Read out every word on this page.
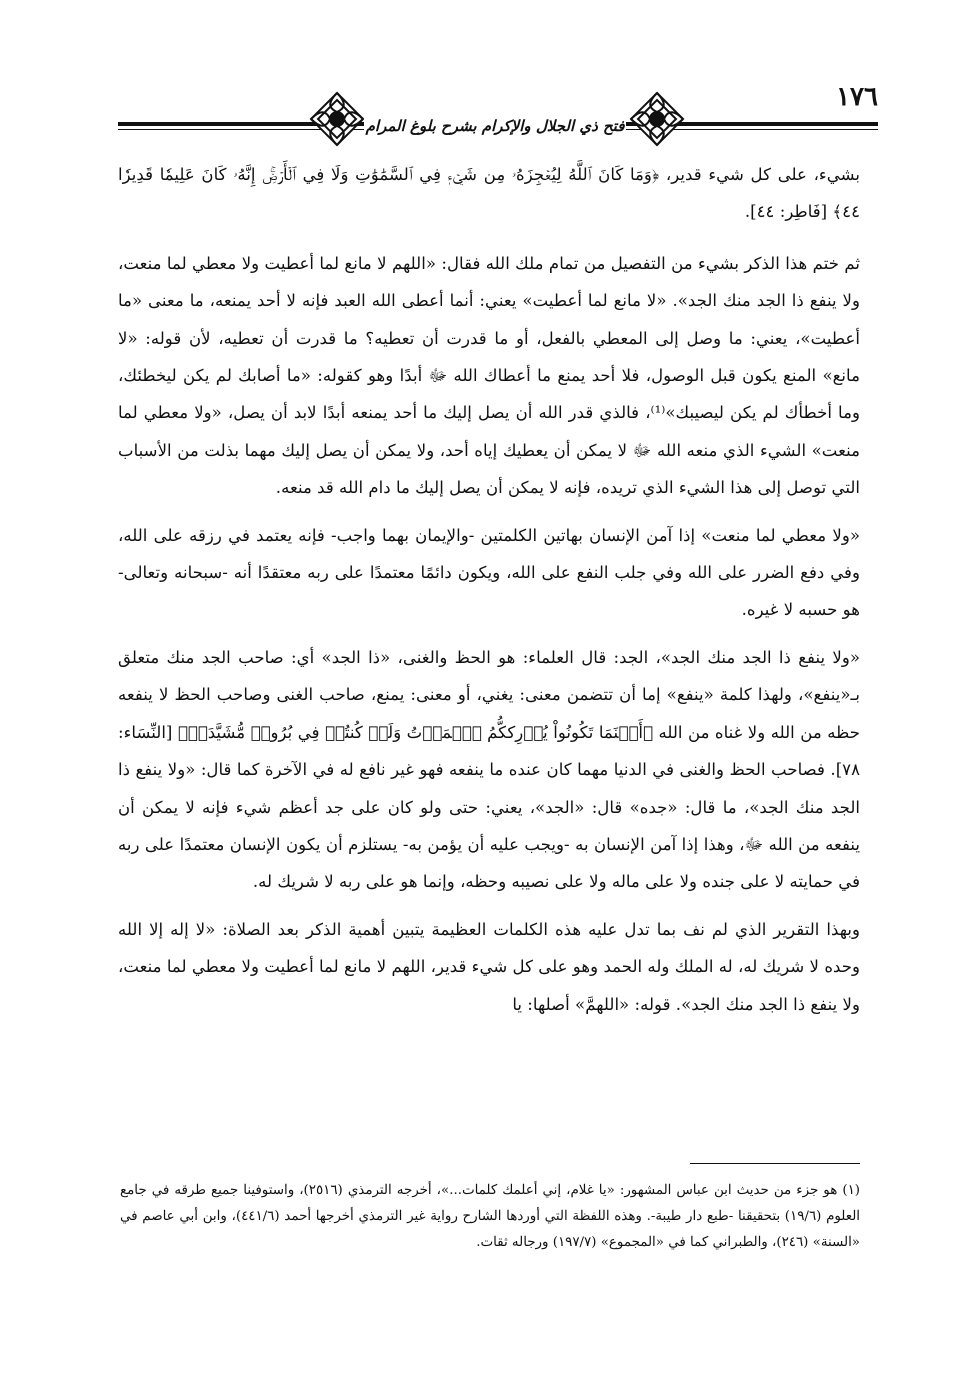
١٧٦
فتح ذي الجلال والإكرام بشرح بلوغ المرام

بشيء، على كل شيء قدير، ﴿وَمَا كَانَ ٱللَّهُ لِيُعۡجِزَهُۥ مِن شَيۡءٖ فِي ٱلسَّمَٰوَٰتِ وَلَا فِي ٱلۡأَرۡضِۚ إِنَّهُۥ كَانَ عَلِيمٗا قَدِيرٗا ٤٤﴾ [فَاطِر: ٤٤].

ثم ختم هذا الذكر بشيء من التفصيل من تمام ملك الله فقال: «اللهم لا مانع لما أعطيت ولا معطي لما منعت، ولا ينفع ذا الجد منك الجد». «لا مانع لما أعطيت» يعني: أنما أعطى الله العبد فإنه لا أحد يمنعه، ما معنى «ما أعطيت»، يعني: ما وصل إلى المعطي بالفعل، أو ما قدرت أن تعطيه؟ ما قدرت أن تعطيه، لأن قوله: «لا مانع» المنع يكون قبل الوصول، فلا أحد يمنع ما أعطاك الله ﷻ أبدًا وهو كقوله: «ما أصابك لم يكن ليخطئك، وما أخطأك لم يكن ليصيبك»⁽¹⁾، فالذي قدر الله أن يصل إليك ما أحد يمنعه أبدًا لابد أن يصل، «ولا معطي لما منعت» الشيء الذي منعه الله ﷻ لا يمكن أن يعطيك إياه أحد، ولا يمكن أن يصل إليك مهما بذلت من الأسباب التي توصل إلى هذا الشيء الذي تريده، فإنه لا يمكن أن يصل إليك ما دام الله قد منعه.

«ولا معطي لما منعت» إذا آمن الإنسان بهاتين الكلمتين -والإيمان بهما واجب- فإنه يعتمد في رزقه على الله، وفي دفع الضرر على الله وفي جلب النفع على الله، ويكون دائمًا معتمدًا على ربه معتقدًا أنه -سبحانه وتعالى- هو حسبه لا غيره.

«ولا ينفع ذا الجد منك الجد»، الجد: قال العلماء: هو الحظ والغنى، «ذا الجد» أي: صاحب الجد منك متعلق بـ«ينفع»، ولهذا كلمة «ينفع» إما أن تتضمن معنى: يغني، أو معنى: يمنع، صاحب الغنى وصاحب الحظ لا ينفعه حظه من الله ولا غناه من الله ﴿أَيۡنَمَا تَكُونُواْ يُدۡرِككُّمُ ٱلۡمَوۡتُ وَلَوۡ كُنتُمۡ فِي بُرُوجٖ مُّشَيَّدَةٖ﴾ [النِّسَاء: ٧٨]. فصاحب الحظ والغنى في الدنيا مهما كان عنده ما ينفعه فهو غير نافع له في الآخرة كما قال: «ولا ينفع ذا الجد منك الجد»، ما قال: «جده» قال: «الجد»، يعني: حتى ولو كان على جد أعظم شيء فإنه لا يمكن أن ينفعه من الله ﷻ، وهذا إذا آمن الإنسان به -ويجب عليه أن يؤمن به- يستلزم أن يكون الإنسان معتمدًا على ربه في حمايته لا على جنده ولا على ماله ولا على نصيبه وحظه، وإنما هو على ربه لا شريك له.

وبهذا التقرير الذي لم نف بما تدل عليه هذه الكلمات العظيمة يتبين أهمية الذكر بعد الصلاة: «لا إله إلا الله وحده لا شريك له، له الملك وله الحمد وهو على كل شيء قدير، اللهم لا مانع لما أعطيت ولا معطي لما منعت، ولا ينفع ذا الجد منك الجد». قوله: «اللهمَّ» أصلها: يا

(١) هو جزء من حديث ابن عباس المشهور: «يا غلام، إني أعلمك كلمات...»، أخرجه الترمذي (٢٥١٦)، واستوفينا جميع طرقه في جامع العلوم (١٩/٦) بتحقيقنا -طبع دار طيبة-. وهذه اللفظة التي أوردها الشارح رواية غير الترمذي أخرجها أحمد (٤٤١/٦)، وابن أبي عاصم في «السنة» (٢٤٦)، والطبراني كما في «المجموع» (١٩٧/٧) ورجاله ثقات.
